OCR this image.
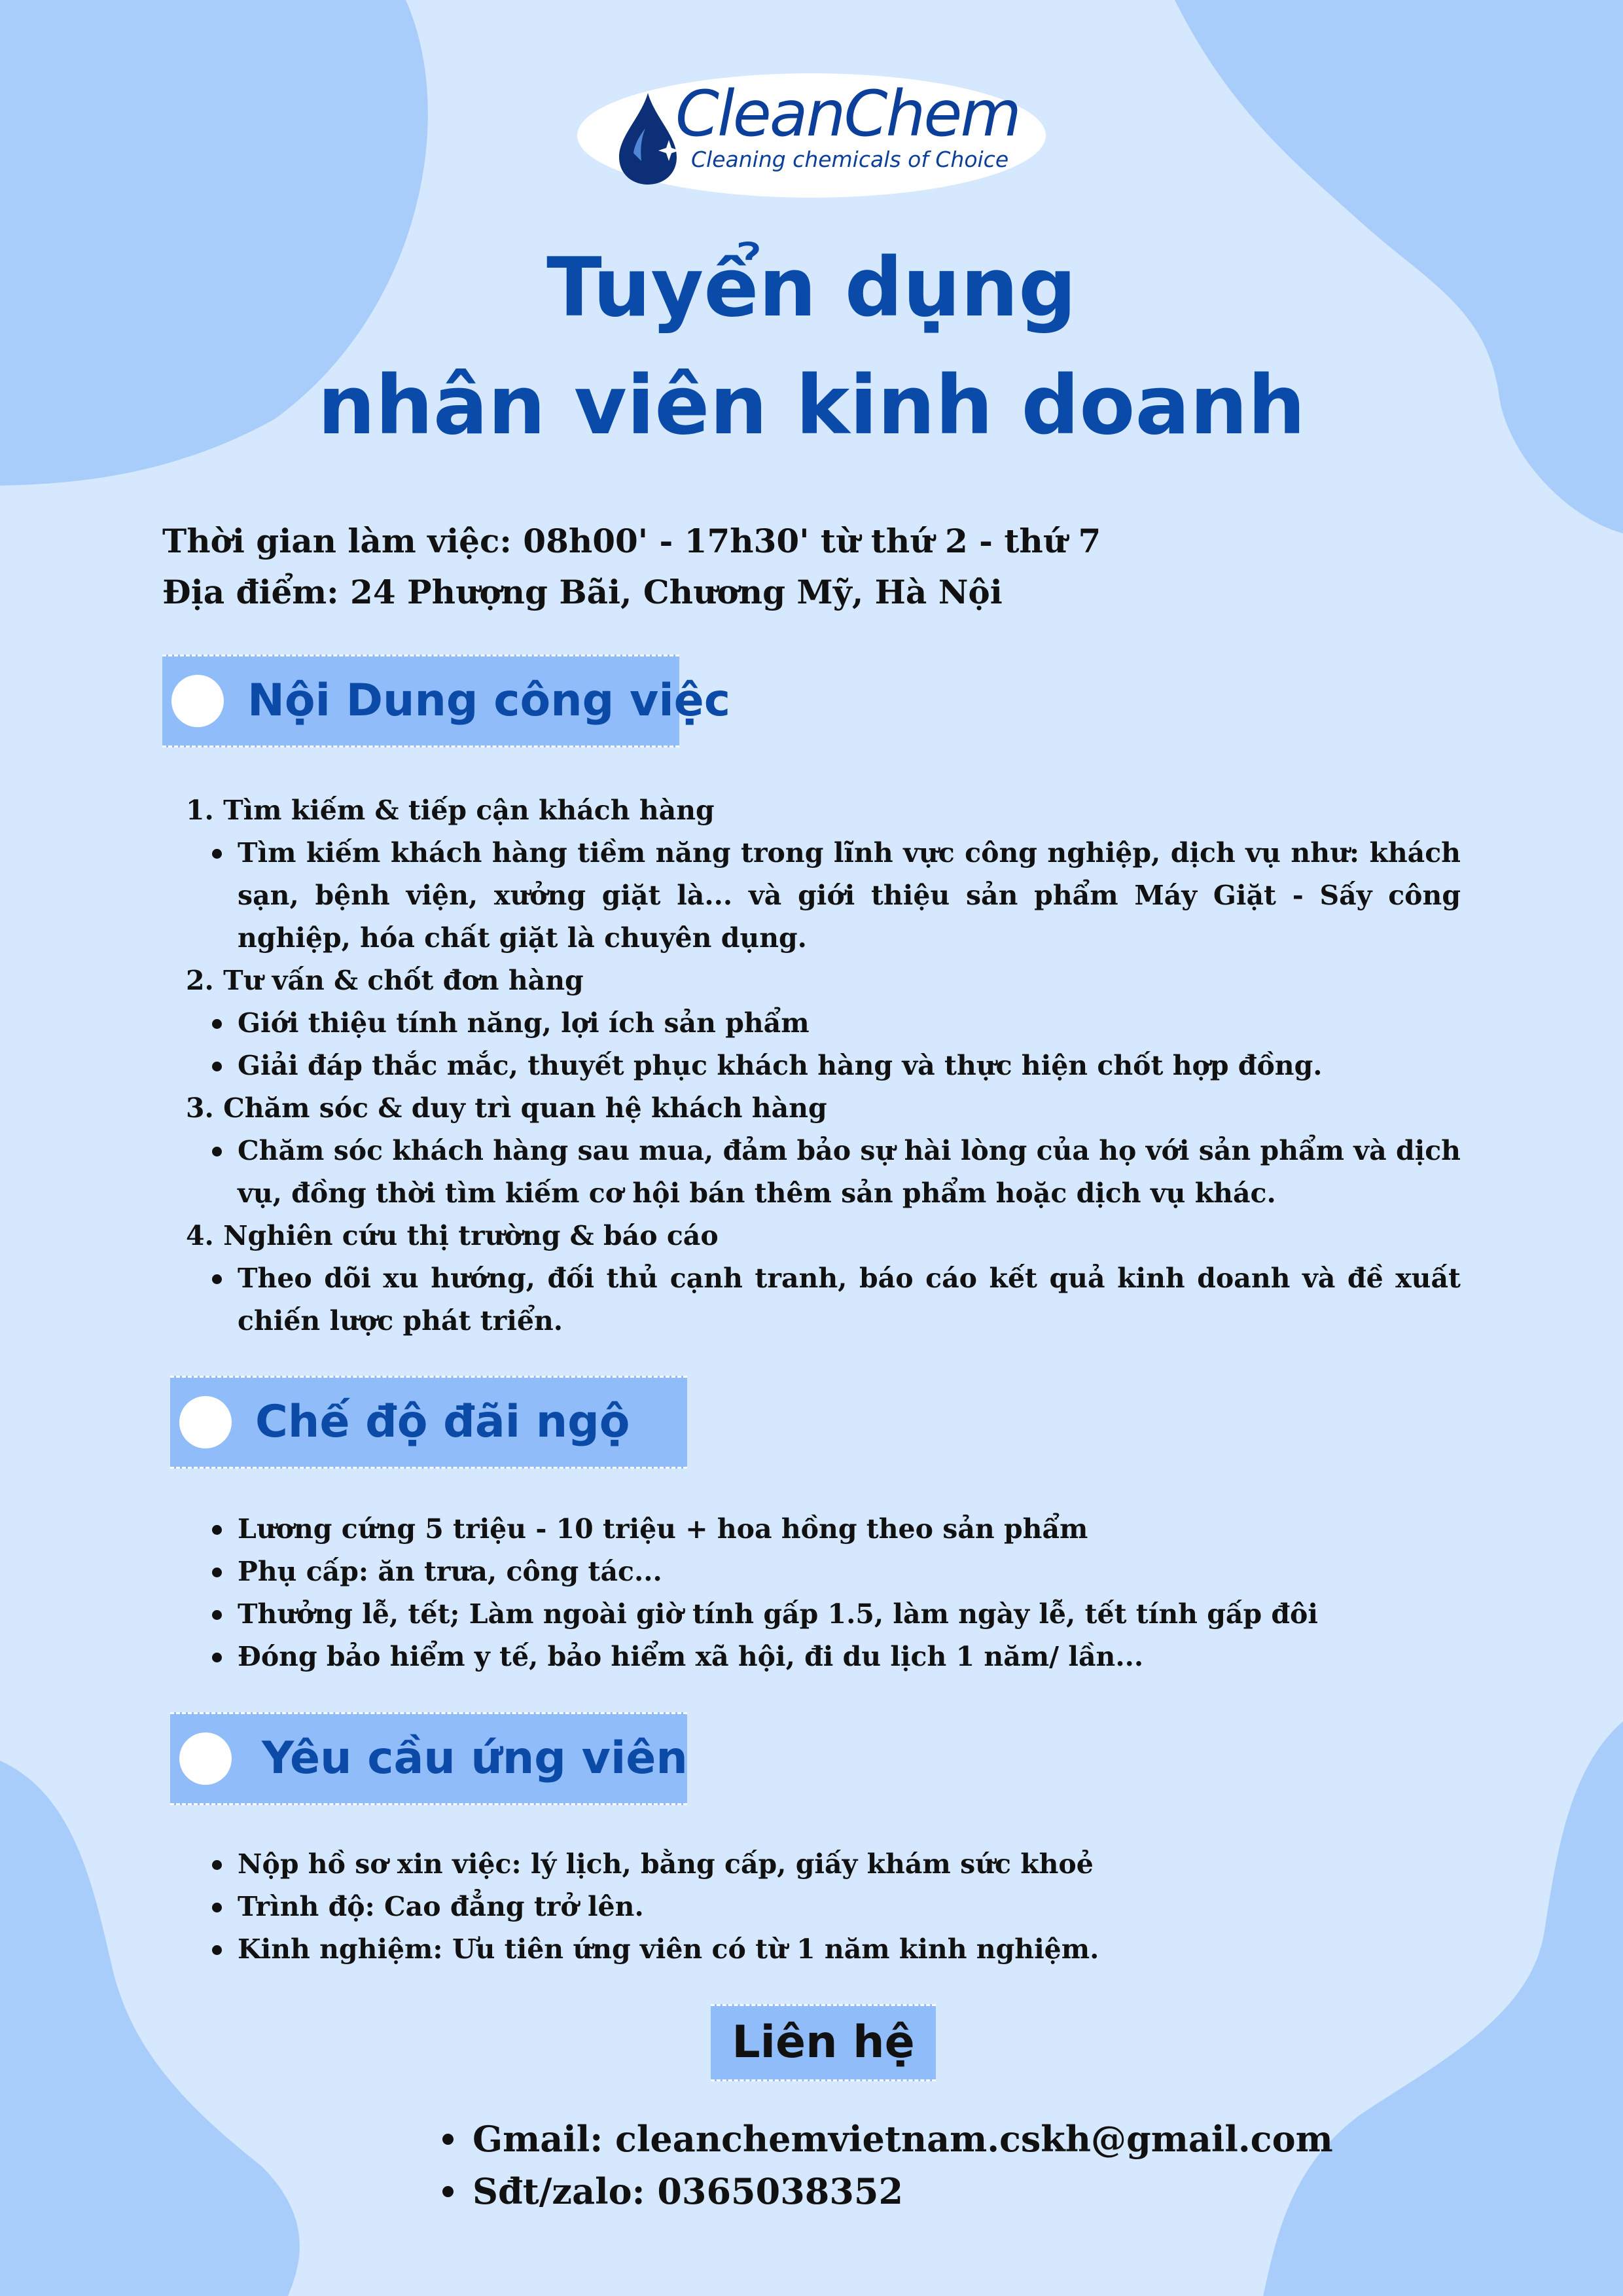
CleanChem
Cleaning chemicals of Choice
Tuyển dụng
nhân viên kinh doanh
Thời gian làm việc: 08h00' - 17h30' từ thứ 2 - thứ 7
Địa điểm: 24 Phượng Bãi, Chương Mỹ, Hà Nội
Nội Dung công việc
1. Tìm kiếm & tiếp cận khách hàng
Tìm kiếm khách hàng tiềm năng trong lĩnh vực công nghiệp, dịch vụ như: khách sạn, bệnh viện, xưởng giặt là... và giới thiệu sản phẩm Máy Giặt - Sấy công nghiệp, hóa chất giặt là chuyên dụng.
2. Tư vấn & chốt đơn hàng
Giới thiệu tính năng, lợi ích sản phẩm
Giải đáp thắc mắc, thuyết phục khách hàng và thực hiện chốt hợp đồng.
3. Chăm sóc & duy trì quan hệ khách hàng
Chăm sóc khách hàng sau mua, đảm bảo sự hài lòng của họ với sản phẩm và dịch vụ, đồng thời tìm kiếm cơ hội bán thêm sản phẩm hoặc dịch vụ khác.
4. Nghiên cứu thị trường & báo cáo
Theo dõi xu hướng, đối thủ cạnh tranh, báo cáo kết quả kinh doanh và đề xuất chiến lược phát triển.
Chế độ đãi ngộ
Lương cứng 5 triệu - 10 triệu + hoa hồng theo sản phẩm
Phụ cấp: ăn trưa, công tác...
Thưởng lễ, tết; Làm ngoài giờ tính gấp 1.5, làm ngày lễ, tết tính gấp đôi
Đóng bảo hiểm y tế, bảo hiểm xã hội, đi du lịch 1 năm/ lần...
Yêu cầu ứng viên
Nộp hồ sơ xin việc: lý lịch, bằng cấp, giấy khám sức khoẻ
Trình độ: Cao đẳng trở lên.
Kinh nghiệm: Ưu tiên ứng viên có từ 1 năm kinh nghiệm.
Liên hệ
Gmail: cleanchemvietnam.cskh@gmail.com
Sđt/zalo: 0365038352
